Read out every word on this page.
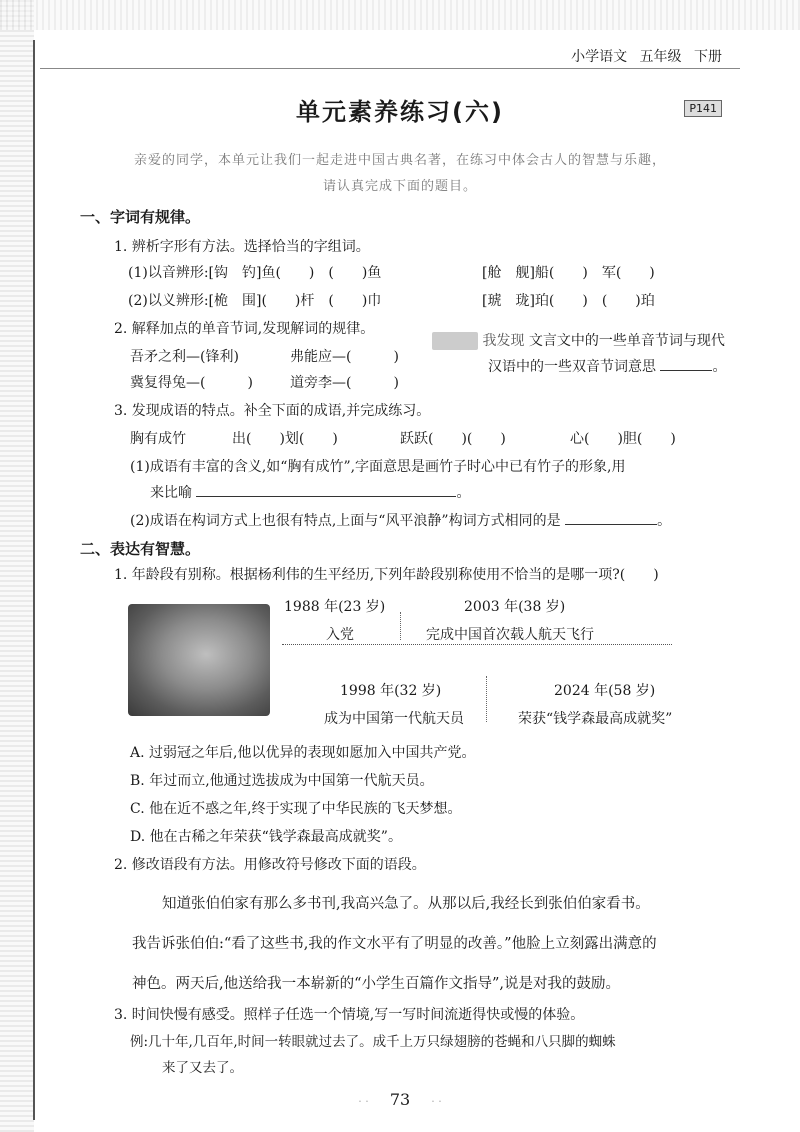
小学语文 五年级 下册
单元素养练习(六)	P141
亲爱的同学，本单元让我们一起走进中国古典名著，在练习中体会古人的智慧与乐趣，
请认真完成下面的题目。
一、字词有规律。
1. 辨析字形有方法。选择恰当的字组词。
(1)以音辨形:[钩　钓]鱼(　　)　(　　)鱼	[舱　舰]船(　　)　军(　　)
(2)以义辨形:[桅　围](　　)杆　(　　)巾	[琥　珑]珀(　　)　(　　)珀
2. 解释加点的单音节词,发现解词的规律。
吾矛之利—(锋利)	弗能应—(　　　)
冀复得兔—(　　　)	道旁李—(　　　)
我发现 文言文中的一些单音节词与现代
汉语中的一些双音节词意思	。
3. 发现成语的特点。补全下面的成语,并完成练习。
胸有成竹	出(　　)划(　　)	跃跃(　　)(　　)	心(　　)胆(　　)
(1)成语有丰富的含义,如“胸有成竹”,字面意思是画竹子时心中已有竹子的形象,用
来比喻	。
(2)成语在构词方式上也很有特点,上面与“风平浪静”构词方式相同的是	。
二、表达有智慧。
1. 年龄段有别称。根据杨利伟的生平经历,下列年龄段别称使用不恰当的是哪一项?(　　)
1988 年(23 岁)
入党
2003 年(38 岁)
完成中国首次载人航天飞行
1998 年(32 岁)
成为中国第一代航天员
2024 年(58 岁)
荣获“钱学森最高成就奖”
A. 过弱冠之年后,他以优异的表现如愿加入中国共产党。
B. 年过而立,他通过选拔成为中国第一代航天员。
C. 他在近不惑之年,终于实现了中华民族的飞天梦想。
D. 他在古稀之年荣获“钱学森最高成就奖”。
2. 修改语段有方法。用修改符号修改下面的语段。
知道张伯伯家有那么多书刊,我高兴急了。从那以后,我经长到张伯伯家看书。
我告诉张伯伯:“看了这些书,我的作文水平有了明显的改善。”他脸上立刻露出满意的
神色。两天后,他送给我一本崭新的“小学生百篇作文指导”,说是对我的鼓励。
3. 时间快慢有感受。照样子任选一个情境,写一写时间流逝得快或慢的体验。
例:几十年,几百年,时间一转眼就过去了。成千上万只绿翅膀的苍蝇和八只脚的蜘蛛
来了又去了。
· · 73 · ·
